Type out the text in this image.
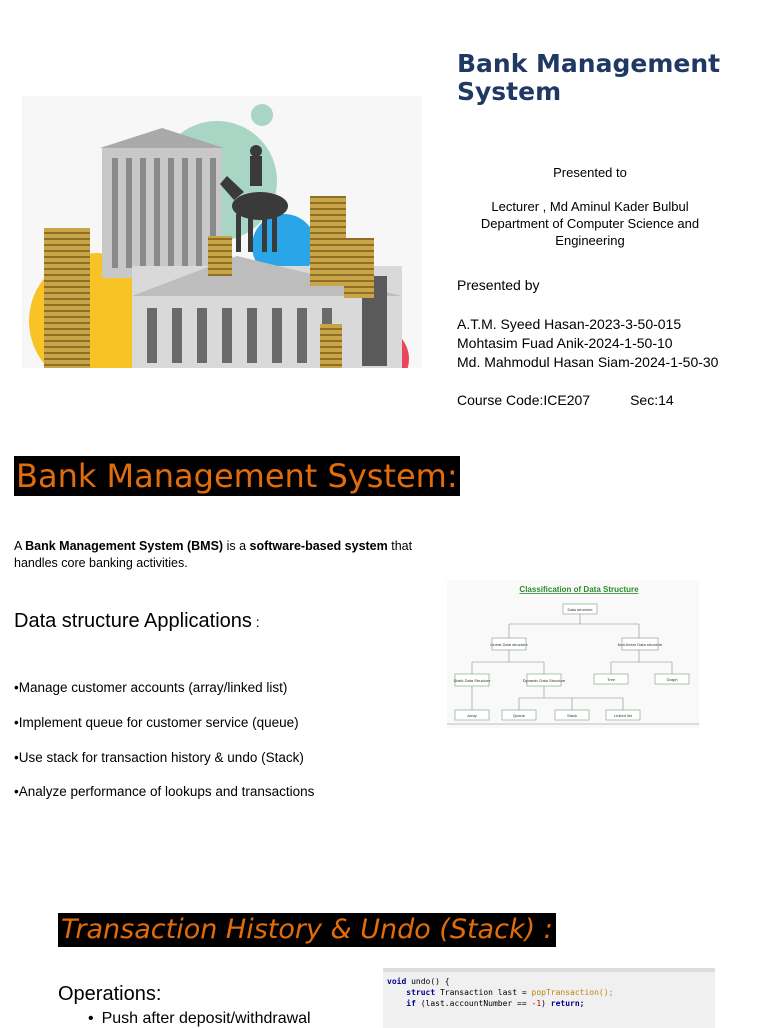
Bank Management System
Presented to
Lecturer , Md Aminul Kader Bulbul
Department of Computer Science and Engineering
Presented by
A.T.M. Syeed Hasan-2023-3-50-015
Mohtasim Fuad Anik-2024-1-50-10
Md. Mahmodul Hasan Siam-2024-1-50-30
Course Code:ICE207	Sec:14
Bank Management System:
A Bank Management System (BMS) is a software-based system that handles core banking activities.
Data structure Applications :
•Manage customer accounts (array/linked list)
•Implement queue for customer service (queue)
•Use stack for transaction history & undo (Stack)
•Analyze performance of lookups and transactions
Classification of Data Structure
Data structure
Linear Data structure	Non-linear Data structure
Static Data Structure	Dynamic Data Structure	Tree	Graph
Array	Queue	Stack	Linked list
Transaction History & Undo (Stack) :
Operations:
• Push after deposit/withdrawal
void undo() {
struct Transaction last = popTransaction();
if (last.accountNumber == -1) return;
